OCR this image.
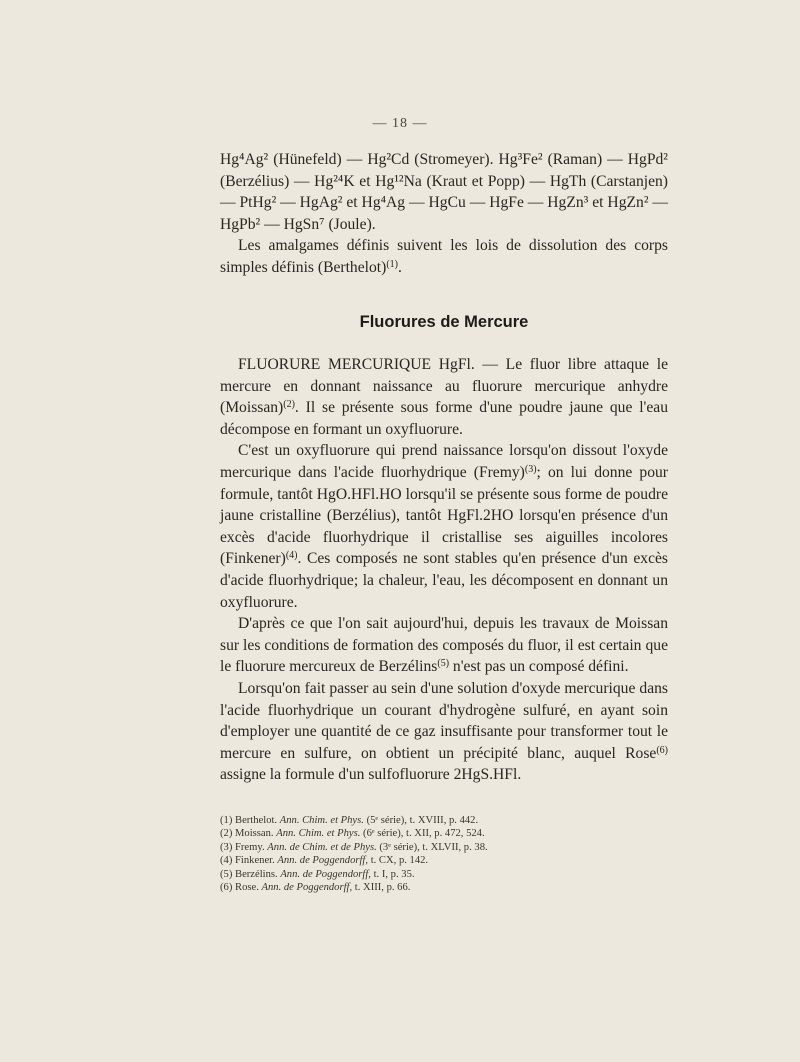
— 18 —

Hg⁴Ag² (Hünefeld) — Hg²Cd (Stromeyer). Hg³Fe² (Raman) — HgPd² (Berzélius) — Hg²⁴K et Hg¹²Na (Kraut et Popp) — HgTh (Carstanjen) — PtHg² — HgAg² et Hg⁴Ag — HgCu — HgFe — HgZn³ et HgZn² — HgPb² — HgSn⁷ (Joule).

Les amalgames définis suivent les lois de dissolution des corps simples définis (Berthelot)$^{(1)}$.

Fluorures de Mercure

FLUORURE MERCURIQUE HgFl. — Le fluor libre attaque le mercure en donnant naissance au fluorure mercurique anhydre (Moissan)$^{(2)}$. Il se présente sous forme d'une poudre jaune que l'eau décompose en formant un oxyfluorure.

C'est un oxyfluorure qui prend naissance lorsqu'on dissout l'oxyde mercurique dans l'acide fluorhydrique (Fremy)$^{(3)}$; on lui donne pour formule, tantôt HgO.HFl.HO lorsqu'il se présente sous forme de poudre jaune cristalline (Berzélius), tantôt HgFl.2HO lorsqu'en présence d'un excès d'acide fluorhydrique il cristallise ses aiguilles incolores (Finkener)$^{(4)}$. Ces composés ne sont stables qu'en présence d'un excès d'acide fluorhydrique; la chaleur, l'eau, les décomposent en donnant un oxyfluorure.

D'après ce que l'on sait aujourd'hui, depuis les travaux de Moissan sur les conditions de formation des composés du fluor, il est certain que le fluorure mercureux de Berzélins$^{(5)}$ n'est pas un composé défini.

Lorsqu'on fait passer au sein d'une solution d'oxyde mercurique dans l'acide fluorhydrique un courant d'hydrogène sulfuré, en ayant soin d'employer une quantité de ce gaz insuffisante pour transformer tout le mercure en sulfure, on obtient un précipité blanc, auquel Rose$^{(6)}$ assigne la formule d'un sulfofluorure 2HgS.HFl.

(1) Berthelot. Ann. Chim. et Phys. (5ᵉ série), t. XVIII, p. 442.

(2) Moissan. Ann. Chim. et Phys. (6ᵉ série), t. XII, p. 472, 524.

(3) Fremy. Ann. de Chim. et de Phys. (3ᵉ série), t. XLVII, p. 38.

(4) Finkener. Ann. de Poggendorff, t. CX, p. 142.

(5) Berzélins. Ann. de Poggendorff, t. I, p. 35.

(6) Rose. Ann. de Poggendorff, t. XIII, p. 66.
